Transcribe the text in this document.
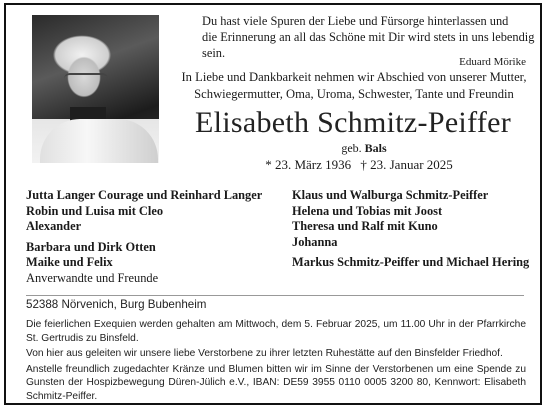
Du hast viele Spuren der Liebe und Fürsorge hinterlassen und
die Erinnerung an all das Schöne mit Dir wird stets in uns lebendig sein.
Eduard Mörike
In Liebe und Dankbarkeit nehmen wir Abschied von unserer Mutter,
Schwiegermutter, Oma, Uroma, Schwester, Tante und Freundin
Elisabeth Schmitz-Peiffer
geb. Bals
* 23. März 1936 † 23. Januar 2025
Jutta Langer Courage und Reinhard Langer
Robin und Luisa mit Cleo
Alexander
Barbara und Dirk Otten
Maike und Felix
Anverwandte und Freunde
Klaus und Walburga Schmitz-Peiffer
Helena und Tobias mit Joost
Theresa und Ralf mit Kuno
Johanna
Markus Schmitz-Peiffer und Michael Hering
52388 Nörvenich, Burg Bubenheim

Die feierlichen Exequien werden gehalten am Mittwoch, dem 5. Februar 2025, um 11.00 Uhr in der Pfarrkirche St. Gertrudis zu Binsfeld.

Von hier aus geleiten wir unsere liebe Verstorbene zu ihrer letzten Ruhestätte auf den Binsfelder Friedhof.

Anstelle freundlich zugedachter Kränze und Blumen bitten wir im Sinne der Verstorbenen um eine Spende zu Gunsten der Hospizbewegung Düren-Jülich e.V., IBAN: DE59 3955 0110 0005 3200 80, Kennwort: Elisabeth Schmitz-Peiffer.
